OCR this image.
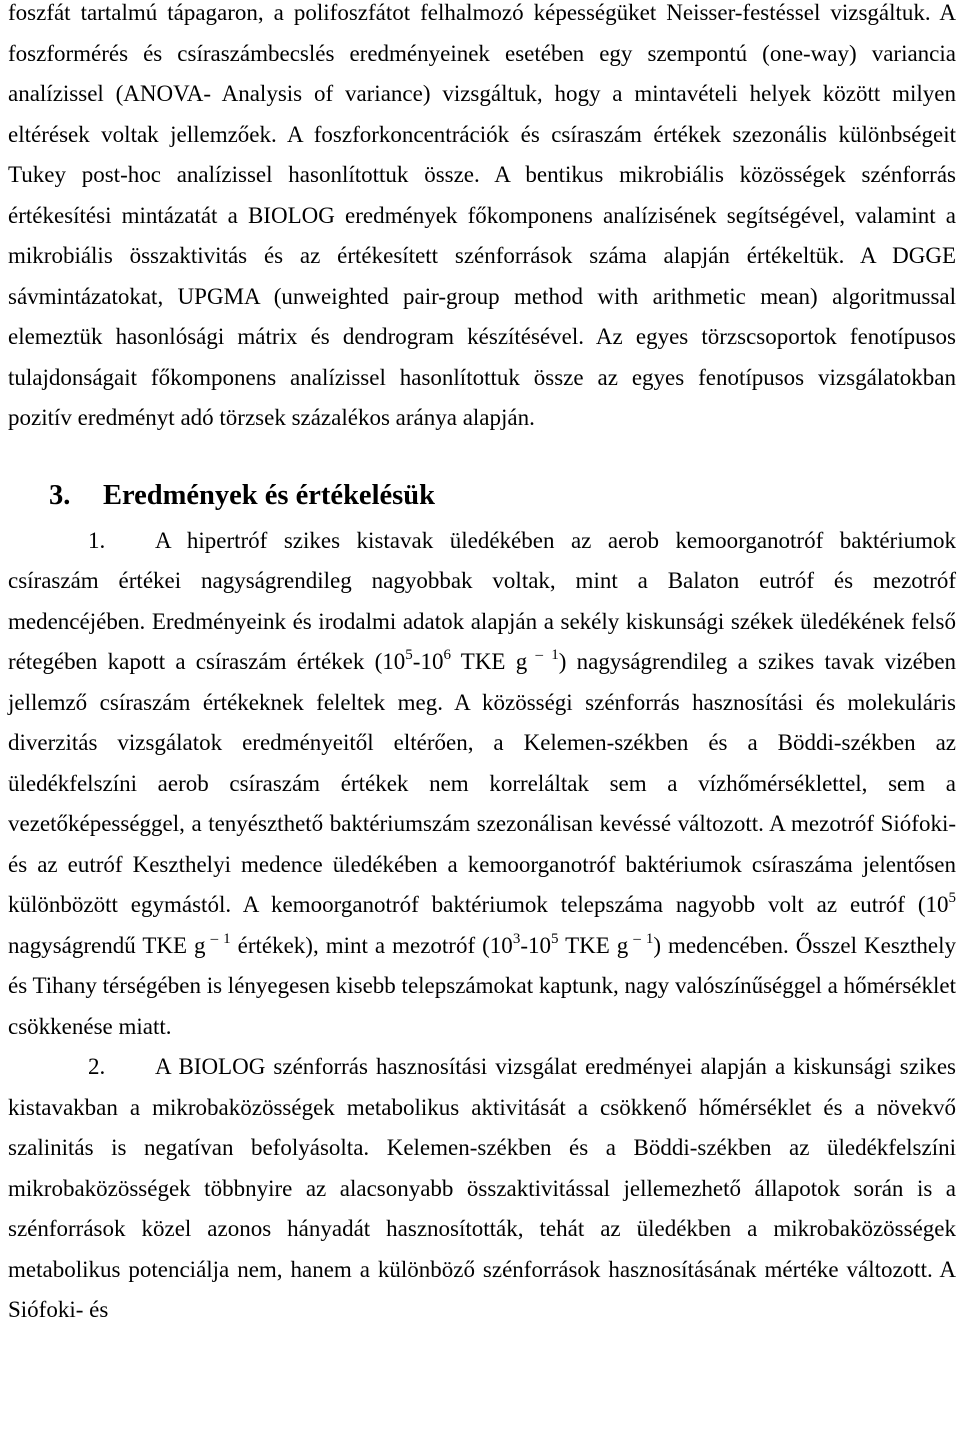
foszfát tartalmú tápagaron, a polifoszfátot felhalmozó képességüket Neisser-festéssel vizsgáltuk. A foszformérés és csíraszámbecslés eredményeinek esetében egy szempontú (one-way) variancia analízissel (ANOVA- Analysis of variance) vizsgáltuk, hogy a mintavételi helyek között milyen eltérések voltak jellemzőek. A foszforkoncentrációk és csíraszám értékek szezonális különbségeit Tukey post-hoc analízissel hasonlítottuk össze. A bentikus mikrobiális közösségek szénforrás értékesítési mintázatát a BIOLOG eredmények főkomponens analízisének segítségével, valamint a mikrobiális összaktivitás és az értékesített szénforrások száma alapján értékeltük. A DGGE sávmintázatokat, UPGMA (unweighted pair-group method with arithmetic mean) algoritmussal elemeztük hasonlósági mátrix és dendrogram készítésével. Az egyes törzscsoportok fenotípusos tulajdonságait főkomponens analízissel hasonlítottuk össze az egyes fenotípusos vizsgálatokban pozitív eredményt adó törzsek százalékos aránya alapján.

3. Eredmények és értékelésük

1. A hipertróf szikes kistavak üledékében az aerob kemoorganotróf baktériumok csíraszám értékei nagyságrendileg nagyobbak voltak, mint a Balaton eutróf és mezotróf medencéjében. Eredményeink és irodalmi adatok alapján a sekély kiskunsági székek üledékének felső rétegében kapott a csíraszám értékek ($10^5-10^6$ TKE g $^{- 1}$) nagyságrendileg a szikes tavak vizében jellemző csíraszám értékeknek feleltek meg. A közösségi szénforrás hasznosítási és molekuláris diverzitás vizsgálatok eredményeitől eltérően, a Kelemen-székben és a Böddi-székben az üledékfelszíni aerob csíraszám értékek nem korreláltak sem a vízhőmérséklettel, sem a vezetőképességgel, a tenyészthető baktériumszám szezonálisan kevéssé változott. A mezotróf Siófoki- és az eutróf Keszthelyi medence üledékében a kemoorganotróf baktériumok csíraszáma jelentősen különbözött egymástól. A kemoorganotróf baktériumok telepszáma nagyobb volt az eutróf ($10^5$ nagyságrendű TKE g $^{- 1}$ értékek), mint a mezotróf ($10^3-10^5$ TKE g $^{- 1}$) medencében. Ősszel Keszthely és Tihany térségében is lényegesen kisebb telepszámokat kaptunk, nagy valószínűséggel a hőmérséklet csökkenése miatt.

2. A BIOLOG szénforrás hasznosítási vizsgálat eredményei alapján a kiskunsági szikes kistavakban a mikrobaközösségek metabolikus aktivitását a csökkenő hőmérséklet és a növekvő szalinitás is negatívan befolyásolta. Kelemen-székben és a Böddi-székben az üledékfelszíni mikrobaközösségek többnyire az alacsonyabb összaktivitással jellemezhető állapotok során is a szénforrások közel azonos hányadát hasznosították, tehát az üledékben a mikrobaközösségek metabolikus potenciálja nem, hanem a különböző szénforrások hasznosításának mértéke változott. A Siófoki- és
